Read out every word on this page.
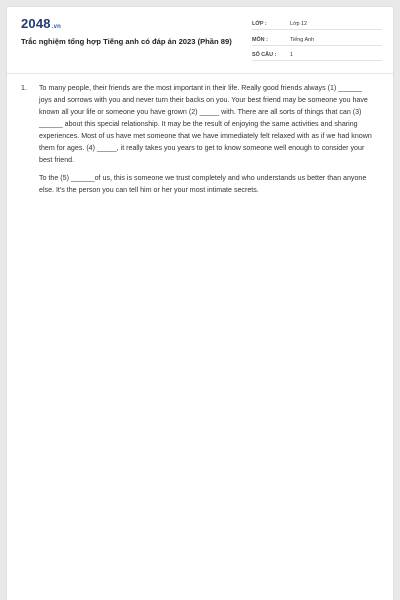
2048.vn
Trắc nghiệm tổng hợp Tiếng anh có đáp án 2023 (Phần 89)
LỚP :	Lớp 12
MÔN :	Tiếng Anh
SỐ CÂU :	1
1. To many people, their friends are the most important in their life. Really good friends always (1) ______ joys and sorrows with you and never turn their backs on you. Your best friend may be someone you have known all your life or someone you have grown (2) _____ with. There are all sorts of things that can (3) ______ about this special relationship. It may be the result of enjoying the same activities and sharing experiences. Most of us have met someone that we have immediately felt relaxed with as if we had known them for ages. (4) _____, it really takes you years to get to know someone well enough to consider your best friend.

To the (5) ______of us, this is someone we trust completely and who understands us better than anyone else. It's the person you can tell him or her your most intimate secrets.
